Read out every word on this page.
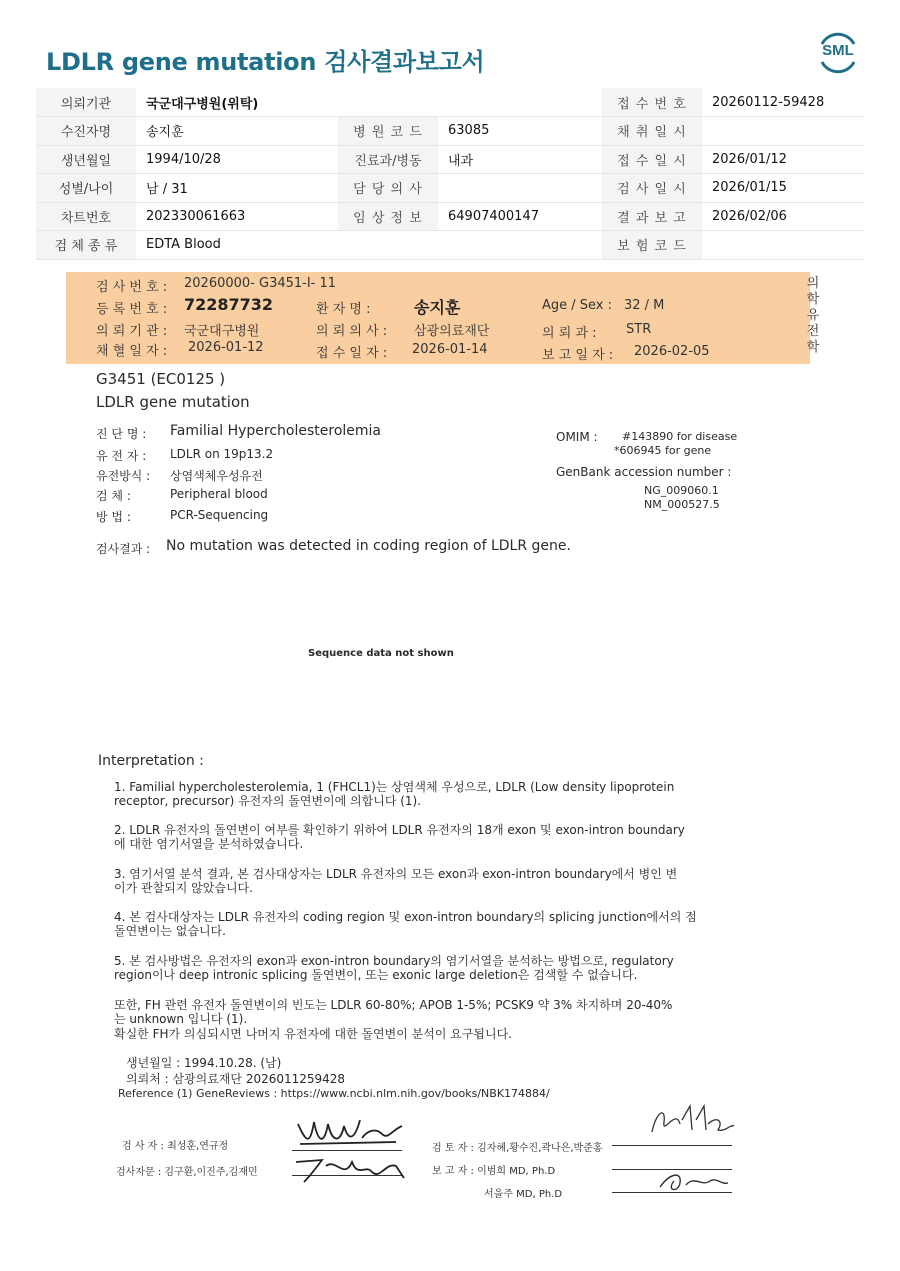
LDLR gene mutation 검사결과보고서	SML
의뢰기관	국군대구병원(위탁)			접 수 번 호	20260112-59428
수진자명	송지훈	병 원 코 드	63085	채 취 일 시	
생년월일	1994/10/28	진료과/병동	내과	접 수 일 시	2026/01/12
성별/나이	남 / 31	담 당 의 사		검 사 일 시	2026/01/15
차트번호	202330061663	임 상 정 보	64907400147	결 과 보 고	2026/02/06
검 체 종 류	EDTA Blood			보 험 코 드	
검 사 번 호 : 20260000- G3451-I- 11
등 록 번 호 : 72287732	환 자 명 :	송지훈	Age / Sex : 32 / M
의 뢰 기 관 : 국군대구병원	의 뢰 의 사 : 삼광의료재단	의 뢰 과 : STR
채 혈 일 자 : 2026-01-12	접 수 일 자 : 2026-01-14	보 고 일 자 : 2026-02-05
의학유전학
G3451 (EC0125 )
LDLR gene mutation
진 단 명 : Familial Hypercholesterolemia
유 전 자 : LDLR on 19p13.2
유전방식 : 상염색체우성유전
검 체 :	Peripheral blood
방 법 :	PCR-Sequencing
OMIM : #143890 for disease
*606945 for gene
GenBank accession number :
NG_009060.1
NM_000527.5
검사결과 : No mutation was detected in coding region of LDLR gene.
Sequence data not shown
Interpretation :

1. Familial hypercholesterolemia, 1 (FHCL1)는 상염색체 우성으로, LDLR (Low density lipoprotein

receptor, precursor) 유전자의 돌연변이에 의합니다 (1).

2. LDLR 유전자의 돌연변이 여부를 확인하기 위하여 LDLR 유전자의 18개 exon 및 exon-intron boundary

에 대한 염기서열을 분석하였습니다.

3. 염기서열 분석 결과, 본 검사대상자는 LDLR 유전자의 모든 exon과 exon-intron boundary에서 병인 변

이가 관찰되지 않았습니다.

4. 본 검사대상자는 LDLR 유전자의 coding region 및 exon-intron boundary의 splicing junction에서의 점

돌연변이는 없습니다.

5. 본 검사방법은 유전자의 exon과 exon-intron boundary의 염기서열을 분석하는 방법으로, regulatory

region이나 deep intronic splicing 돌연변이, 또는 exonic large deletion은 검색할 수 없습니다.

또한, FH 관련 유전자 돌연변이의 빈도는 LDLR 60-80%; APOB 1-5%; PCSK9 약 3% 차지하며 20-40%

는 unknown 입니다 (1).

확실한 FH가 의심되시면 나머지 유전자에 대한 돌연변이 분석이 요구됩니다.

생년월일 : 1994.10.28. (남)
의뢰처 : 삼광의료재단 2026011259428
Reference (1) GeneReviews : https://www.ncbi.nlm.nih.gov/books/NBK174884/
검 사 자 : 최성훈,연규정	검 토 자 : 김자혜,황수진,곽나은,박준홍
검사자문 : 김구환,이진주,김재민	보 고 자 : 이범희 MD, Ph.D
서을주 MD, Ph.D
